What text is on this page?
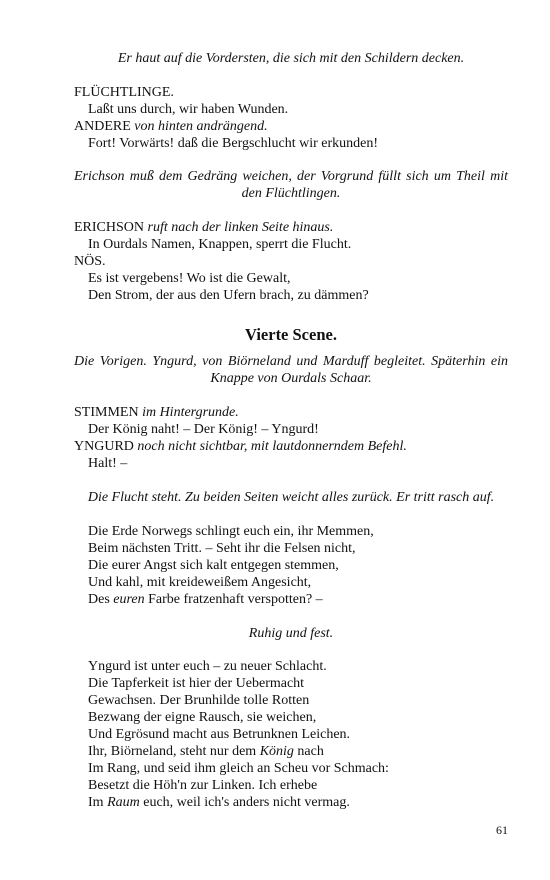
Er haut auf die Vordersten, die sich mit den Schildern decken.
FLÜCHTLINGE.
Laßt uns durch, wir haben Wunden.
ANDERE von hinten andrängend.
Fort! Vorwärts! daß die Bergschlucht wir erkunden!
Erichson muß dem Gedräng weichen, der Vorgrund füllt sich um Theil mit den Flüchtlingen.
ERICHSON ruft nach der linken Seite hinaus.
In Ourdals Namen, Knappen, sperrt die Flucht.
NÖS.
Es ist vergebens! Wo ist die Gewalt,
Den Strom, der aus den Ufern brach, zu dämmen?
Vierte Scene.
Die Vorigen. Yngurd, von Biörneland und Marduff begleitet. Späterhin ein Knappe von Ourdals Schaar.
STIMMEN im Hintergrunde.
Der König naht! – Der König! – Yngurd!
YNGURD noch nicht sichtbar, mit lautdonnerndem Befehl.
Halt! –
Die Flucht steht. Zu beiden Seiten weicht alles zurück. Er tritt rasch auf.
Die Erde Norwegs schlingt euch ein, ihr Memmen,
Beim nächsten Tritt. – Seht ihr die Felsen nicht,
Die eurer Angst sich kalt entgegen stemmen,
Und kahl, mit kreideweißem Angesicht,
Des euren Farbe fratzenhaft verspotten? –
Ruhig und fest.
Yngurd ist unter euch – zu neuer Schlacht.
Die Tapferkeit ist hier der Uebermacht
Gewachsen. Der Brunhilde tolle Rotten
Bezwang der eigne Rausch, sie weichen,
Und Egrösund macht aus Betrunknen Leichen.
Ihr, Biörneland, steht nur dem König nach
Im Rang, und seid ihm gleich an Scheu vor Schmach:
Besetzt die Höh'n zur Linken. Ich erhebe
Im Raum euch, weil ich's anders nicht vermag.
61
